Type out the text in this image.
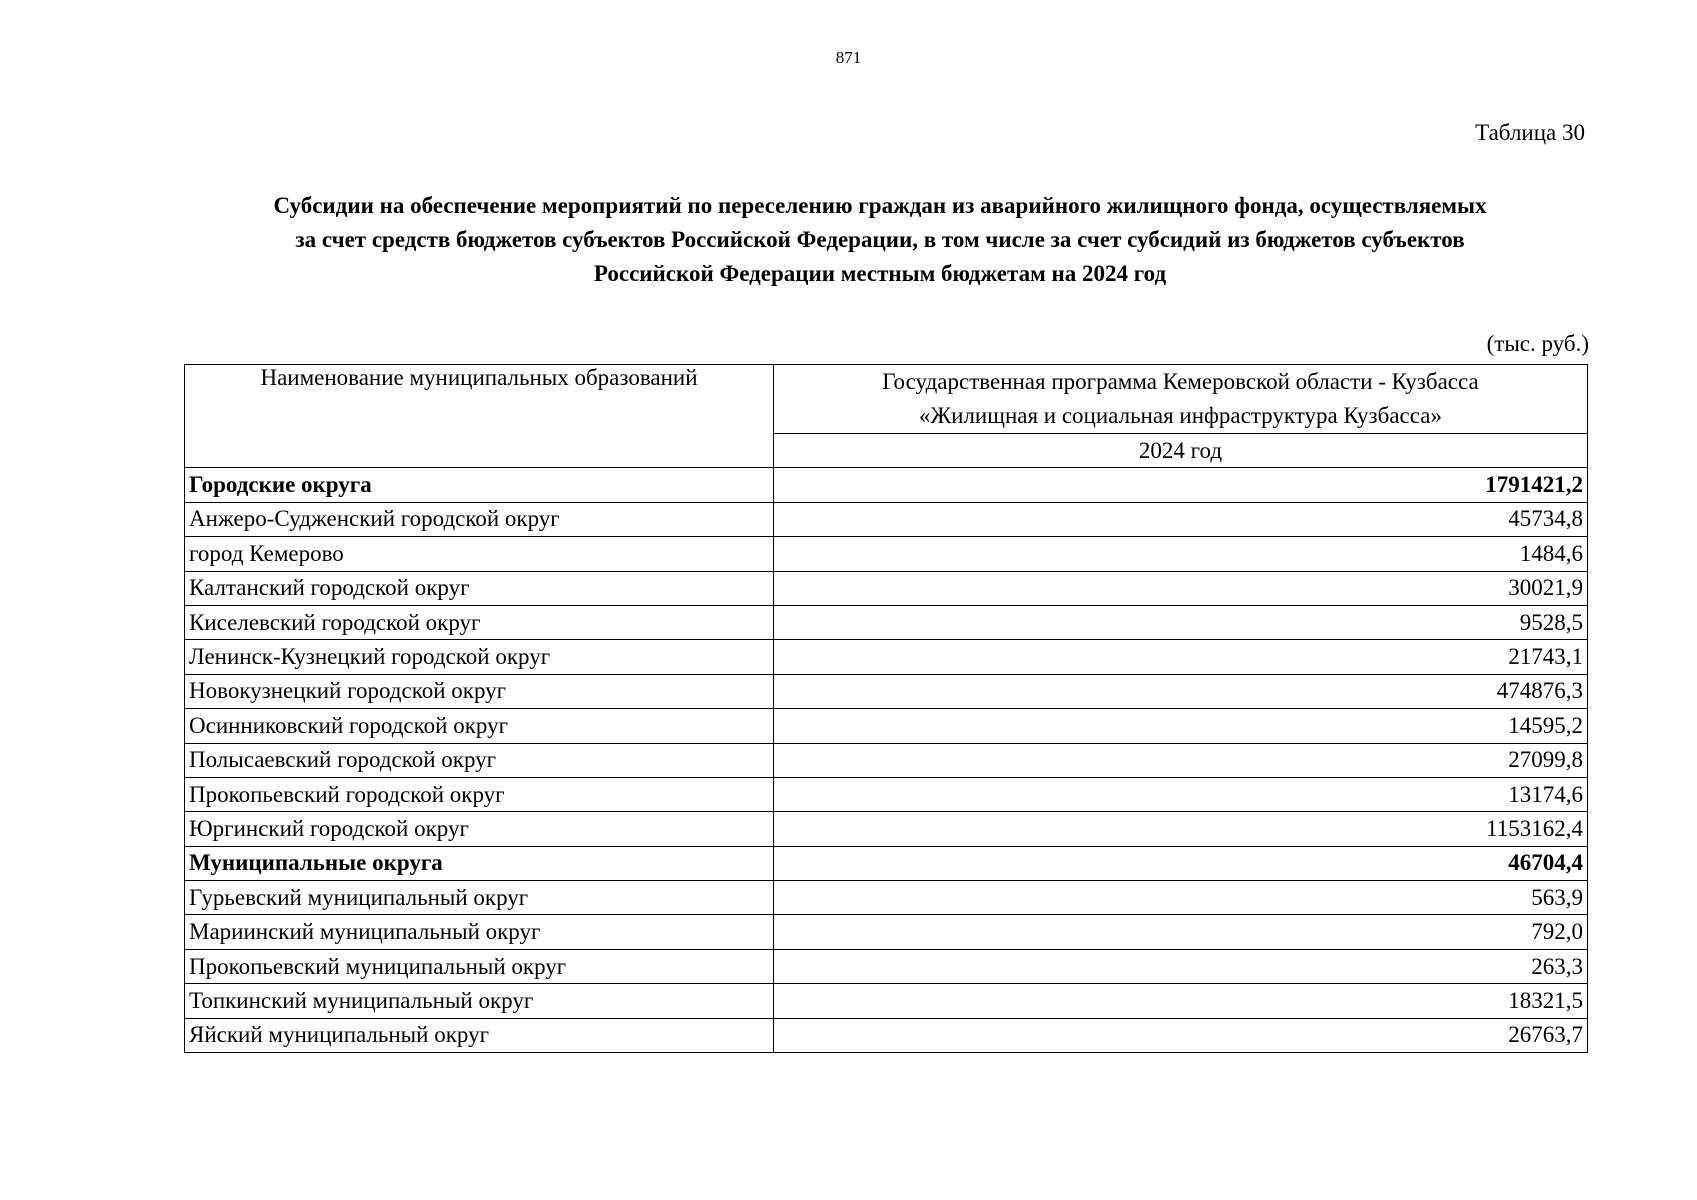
871
Таблица 30
Субсидии на обеспечение мероприятий по переселению граждан из аварийного жилищного фонда, осуществляемых
за счет средств бюджетов субъектов Российской Федерации, в том числе за счет субсидий из бюджетов субъектов
Российской Федерации местным бюджетам на 2024 год
(тыс. руб.)
Наименование муниципальных образований	Государственная программа Кемеровской области - Кузбасса
«Жилищная и социальная инфраструктура Кузбасса»

	2024 год
Городские округа	1791421,2
Анжеро-Судженский городской округ	45734,8
город Кемерово	1484,6
Калтанский городской округ	30021,9
Киселевский городской округ	9528,5
Ленинск-Кузнецкий городской округ	21743,1
Новокузнецкий городской округ	474876,3
Осинниковский городской округ	14595,2
Полысаевский городской округ	27099,8
Прокопьевский городской округ	13174,6
Юргинский городской округ	1153162,4
Муниципальные округа	46704,4
Гурьевский муниципальный округ	563,9
Мариинский муниципальный округ	792,0
Прокопьевский муниципальный округ	263,3
Топкинский муниципальный округ	18321,5
Яйский муниципальный округ	26763,7
